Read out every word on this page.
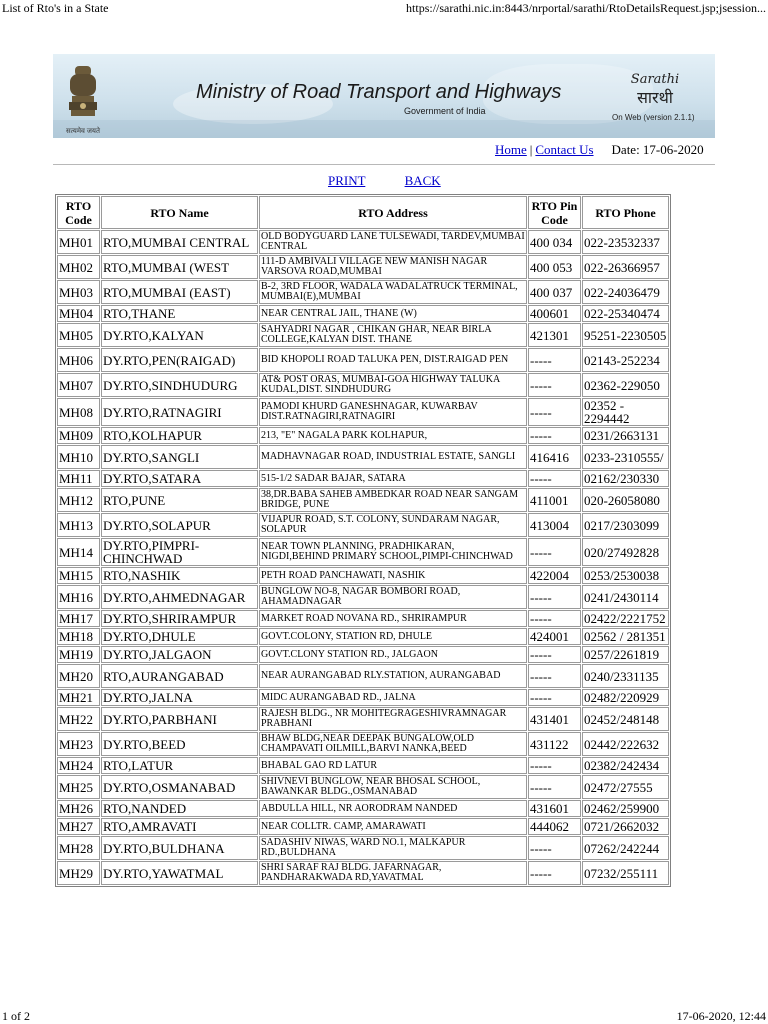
List of Rto's in a State	https://sarathi.nic.in:8443/nrportal/sarathi/RtoDetailsRequest.jsp;jsession...
सत्यमेव जयते
Ministry of Road Transport and Highways
Government of India
Sarathi
सारथी
On Web (version 2.1.1)
Home | Contact Us Date: 17-06-2020
PRINT	BACK
RTO Code	RTO Name	RTO Address	RTO Pin Code	RTO Phone
MH01	RTO,MUMBAI CENTRAL	OLD BODYGUARD LANE TULSEWADI, TARDEV,MUMBAI CENTRAL	400 034	022-23532337
MH02	RTO,MUMBAI (WEST	111-D AMBIVALI VILLAGE NEW MANISH NAGAR VARSOVA ROAD,MUMBAI	400 053	022-26366957
MH03	RTO,MUMBAI (EAST)	B-2, 3RD FLOOR, WADALA WADALATRUCK TERMINAL, MUMBAI(E),MUMBAI	400 037	022-24036479
MH04	RTO,THANE	NEAR CENTRAL JAIL, THANE (W)	400601	022-25340474
MH05	DY.RTO,KALYAN	SAHYADRI NAGAR , CHIKAN GHAR, NEAR BIRLA COLLEGE,KALYAN DIST. THANE	421301	95251-2230505
MH06	DY.RTO,PEN(RAIGAD)	BID KHOPOLI ROAD TALUKA PEN, DIST.RAIGAD PEN	-----	02143-252234
MH07	DY.RTO,SINDHUDURG	AT& POST ORAS, MUMBAI-GOA HIGHWAY TALUKA KUDAL,DIST. SINDHUDURG	-----	02362-229050
MH08	DY.RTO,RATNAGIRI	PAMODI KHURD GANESHNAGAR, KUWARBAV DIST.RATNAGIRI,RATNAGIRI	-----	02352 - 2294442
MH09	RTO,KOLHAPUR	213, "E" NAGALA PARK KOLHAPUR,	-----	0231/2663131
MH10	DY.RTO,SANGLI	MADHAVNAGAR ROAD, INDUSTRIAL ESTATE, SANGLI	416416	0233-2310555/
MH11	DY.RTO,SATARA	515-1/2 SADAR BAJAR, SATARA	-----	02162/230330
MH12	RTO,PUNE	38,DR.BABA SAHEB AMBEDKAR ROAD NEAR SANGAM BRIDGE, PUNE	411001	020-26058080
MH13	DY.RTO,SOLAPUR	VIJAPUR ROAD, S.T. COLONY, SUNDARAM NAGAR, SOLAPUR	413004	0217/2303099
MH14	DY.RTO,PIMPRI-CHINCHWAD	NEAR TOWN PLANNING, PRADHIKARAN, NIGDI,BEHIND PRIMARY SCHOOL,PIMPI-CHINCHWAD	-----	020/27492828
MH15	RTO,NASHIK	PETH ROAD PANCHAWATI, NASHIK	422004	0253/2530038
MH16	DY.RTO,AHMEDNAGAR	BUNGLOW NO-8, NAGAR BOMBORI ROAD, AHAMADNAGAR	-----	0241/2430114
MH17	DY.RTO,SHRIRAMPUR	MARKET ROAD NOVANA RD., SHRIRAMPUR	-----	02422/2221752
MH18	DY.RTO,DHULE	GOVT.COLONY, STATION RD, DHULE	424001	02562 / 281351
MH19	DY.RTO,JALGAON	GOVT.CLONY STATION RD., JALGAON	-----	0257/2261819
MH20	RTO,AURANGABAD	NEAR AURANGABAD RLY.STATION, AURANGABAD	-----	0240/2331135
MH21	DY.RTO,JALNA	MIDC AURANGABAD RD., JALNA	-----	02482/220929
MH22	DY.RTO,PARBHANI	RAJESH BLDG., NR MOHITEGRAGESHIVRAMNAGAR PRABHANI	431401	02452/248148
MH23	DY.RTO,BEED	BHAW BLDG,NEAR DEEPAK BUNGALOW,OLD CHAMPAVATI OILMILL,BARVI NANKA,BEED	431122	02442/222632
MH24	RTO,LATUR	BHABAL GAO RD LATUR	-----	02382/242434
MH25	DY.RTO,OSMANABAD	SHIVNEVI BUNGLOW, NEAR BHOSAL SCHOOL, BAWANKAR BLDG.,OSMANABAD	-----	02472/27555
MH26	RTO,NANDED	ABDULLA HILL, NR AORODRAM NANDED	431601	02462/259900
MH27	RTO,AMRAVATI	NEAR COLLTR. CAMP, AMARAWATI	444062	0721/2662032
MH28	DY.RTO,BULDHANA	SADASHIV NIWAS, WARD NO.1, MALKAPUR RD.,BULDHANA	-----	07262/242244
MH29	DY.RTO,YAWATMAL	SHRI SARAF RAJ BLDG. JAFARNAGAR, PANDHARAKWADA RD,YAVATMAL	-----	07232/255111
1 of 2	17-06-2020, 12:44
